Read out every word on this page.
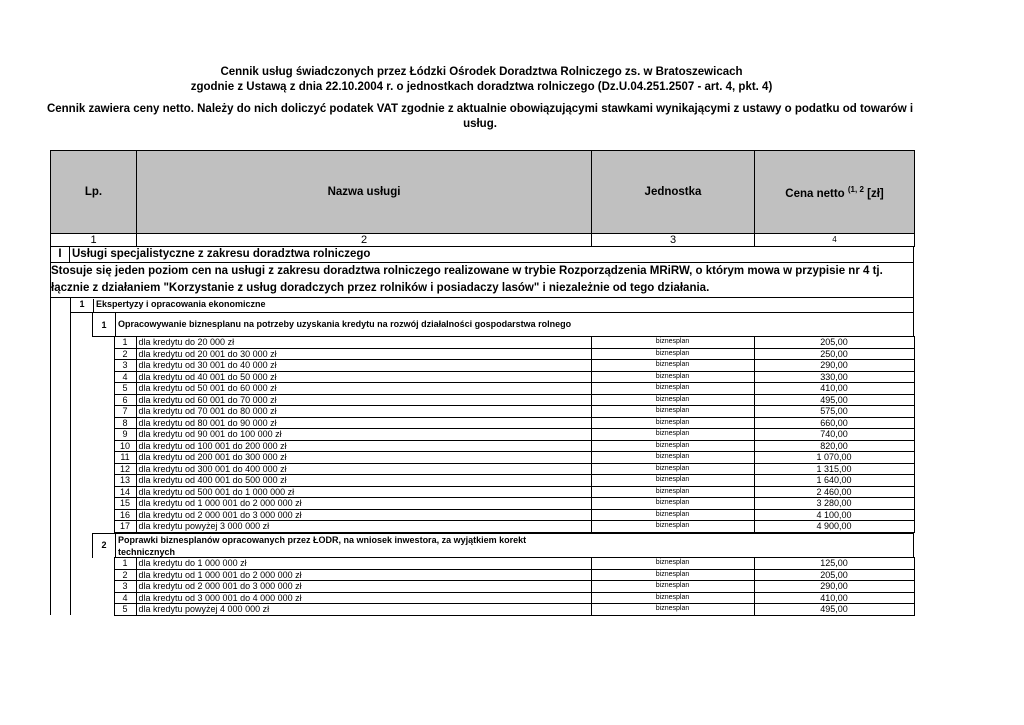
Cennik usług świadczonych przez Łódzki Ośrodek Doradztwa Rolniczego zs. w Bratoszewicach
zgodnie z Ustawą z dnia 22.10.2004 r. o jednostkach doradztwa rolniczego (Dz.U.04.251.2507 - art. 4, pkt. 4)
Cennik zawiera ceny netto. Należy do nich doliczyć podatek VAT zgodnie z aktualnie obowiązującymi stawkami wynikającymi z ustawy o podatku od towarów i usług.
Lp.	Nazwa usługi	Jednostka	Cena netto $^{(1, 2}$ [zł]
1	2	3	4
I Usługi specjalistyczne z zakresu doradztwa rolniczego
Stosuje się jeden poziom cen na usługi z zakresu doradztwa rolniczego realizowane w trybie Rozporządzenia MRiRW, o którym mowa w przypisie nr 4 tj. łącznie z działaniem "Korzystanie z usług doradczych przez rolników i posiadaczy lasów" i niezależnie od tego działania.
1	Ekspertyzy i opracowania ekonomiczne
1	Opracowywanie biznesplanu na potrzeby uzyskania kredytu na rozwój działalności gospodarstwa rolnego
	1	dla kredytu do 20 000 zł	biznesplan	205,00
	2	dla kredytu od 20 001 do 30 000 zł	biznesplan	250,00
	3	dla kredytu od 30 001 do 40 000 zł	biznesplan	290,00
	4	dla kredytu od 40 001 do 50 000 zł	biznesplan	330,00
	5	dla kredytu od 50 001 do 60 000 zł	biznesplan	410,00
	6	dla kredytu od 60 001 do 70 000 zł	biznesplan	495,00
	7	dla kredytu od 70 001 do 80 000 zł	biznesplan	575,00
	8	dla kredytu od 80 001 do 90 000 zł	biznesplan	660,00
	9	dla kredytu od 90 001 do 100 000 zł	biznesplan	740,00
	10	dla kredytu od 100 001 do 200 000 zł	biznesplan	820,00
	11	dla kredytu od 200 001 do 300 000 zł	biznesplan	1 070,00
	12	dla kredytu od 300 001 do 400 000 zł	biznesplan	1 315,00
	13	dla kredytu od 400 001 do 500 000 zł	biznesplan	1 640,00
	14	dla kredytu od 500 001 do 1 000 000 zł	biznesplan	2 460,00
	15	dla kredytu od 1 000 001 do 2 000 000 zł	biznesplan	3 280,00
	16	dla kredytu od 2 000 001 do 3 000 000 zł	biznesplan	4 100,00
	17	dla kredytu powyżej 3 000 000 zł	biznesplan	4 900,00
2	Poprawki biznesplanów opracowanych przez ŁODR, na wniosek inwestora, za wyjątkiem korekt technicznych
	1	dla kredytu do 1 000 000 zł	biznesplan	125,00
	2	dla kredytu od 1 000 001 do 2 000 000 zł	biznesplan	205,00
	3	dla kredytu od 2 000 001 do 3 000 000 zł	biznesplan	290,00
	4	dla kredytu od 3 000 001 do 4 000 000 zł	biznesplan	410,00
	5	dla kredytu powyżej 4 000 000 zł	biznesplan	495,00
